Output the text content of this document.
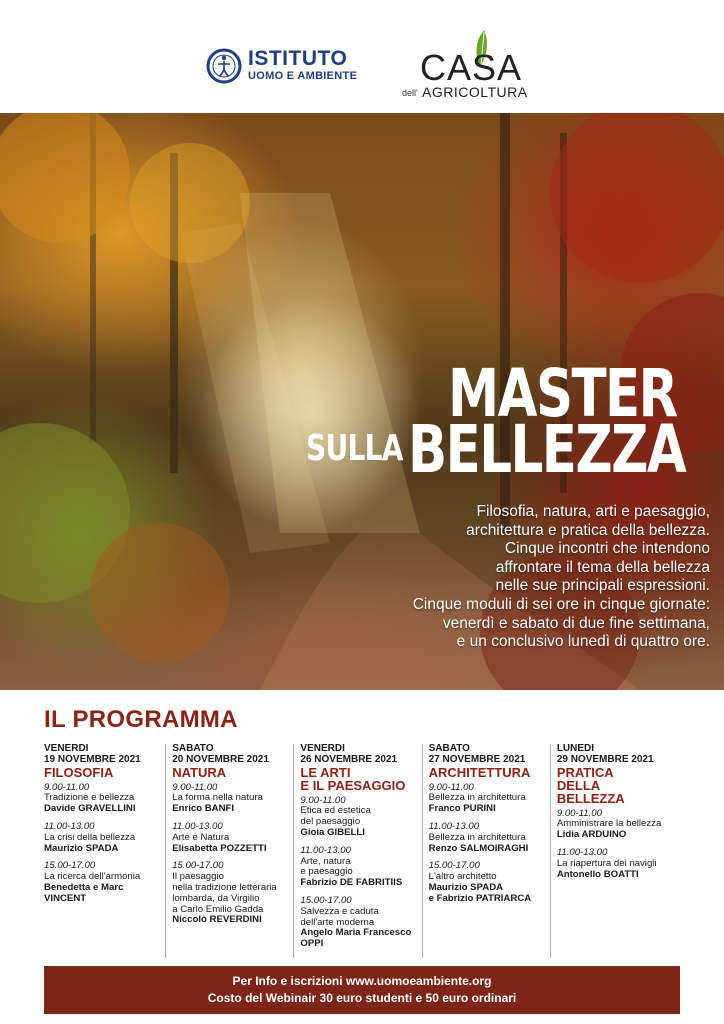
ISTITUTO
UOMO E AMBIENTE CASA
dell' AGRICOLTURA
MASTER
SULLA BELLEZZA
Filosofia, natura, arti e paesaggio,
architettura e pratica della bellezza.
Cinque incontri che intendono
affrontare il tema della bellezza
nelle sue principali espressioni.
Cinque moduli di sei ore in cinque giornate:
venerdì e sabato di due fine settimana,
e un conclusivo lunedì di quattro ore.
IL PROGRAMMA
VENERDÌ
19 NOVEMBRE 2021
FILOSOFIA
9.00-11.00
Tradizione e bellezza
Davide GRAVELLINI
11.00-13.00
La crisi della bellezza
Maurizio SPADA
15.00-17.00
La ricerca dell'armonia
Benedetta e Marc
VINCENT
SABATO
20 NOVEMBRE 2021
NATURA
9.00-11.00
La forma nella natura
Enrico BANFI
11.00-13.00
Arte e Natura
Elisabetta POZZETTI
15.00-17.00
Il paesaggio
nella tradizione letteraria
lombarda, da Virgilio
a Carlo Emilio Gadda
Niccolò REVERDINI
VENERDÌ
26 NOVEMBRE 2021
LE ARTI
E IL PAESAGGIO
9.00-11.00
Etica ed estetica
del paesaggio
Gioia GIBELLI
11.00-13.00
Arte, natura
e paesaggio
Fabrizio DE FABRITIIS
15.00-17.00
Salvezza e caduta
dell'arte moderna
Angelo Maria Francesco
OPPI
SABATO
27 NOVEMBRE 2021
ARCHITETTURA
9.00-11.00
Bellezza in architettura
Franco PURINI
11.00-13.00
Bellezza in architettura
Renzo SALMOIRAGHI
15.00-17.00
L'altro architetto
Maurizio SPADA
e Fabrizio PATRIARCA
LUNEDÌ
29 NOVEMBRE 2021
PRATICA
DELLA
BELLEZZA
9.00-11.00
Amministrare la bellezza
Lidia ARDUINO
11.00-13.00
La riapertura dei navigli
Antonello BOATTI
Per Info e iscrizioni www.uomoeambiente.org
Costo del Webinair 30 euro studenti e 50 euro ordinari
